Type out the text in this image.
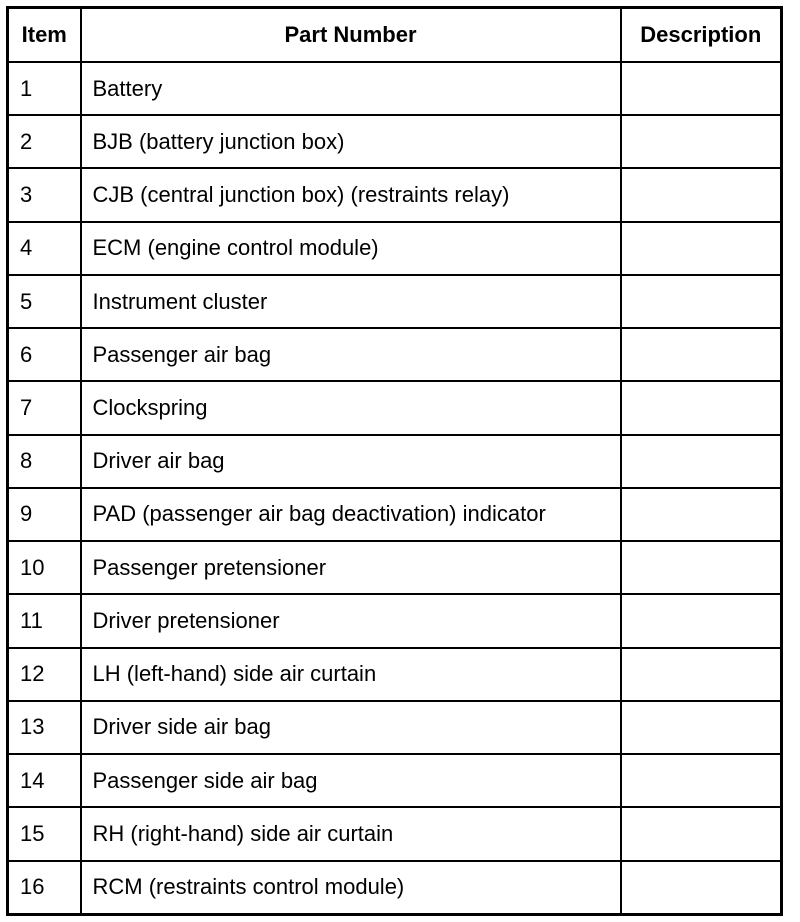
Item	Part Number	Description
1	Battery	
2	BJB (battery junction box)	
3	CJB (central junction box) (restraints relay)	
4	ECM (engine control module)	
5	Instrument cluster	
6	Passenger air bag	
7	Clockspring	
8	Driver air bag	
9	PAD (passenger air bag deactivation) indicator	
10	Passenger pretensioner	
11	Driver pretensioner	
12	LH (left-hand) side air curtain	
13	Driver side air bag	
14	Passenger side air bag	
15	RH (right-hand) side air curtain	
16	RCM (restraints control module)	
